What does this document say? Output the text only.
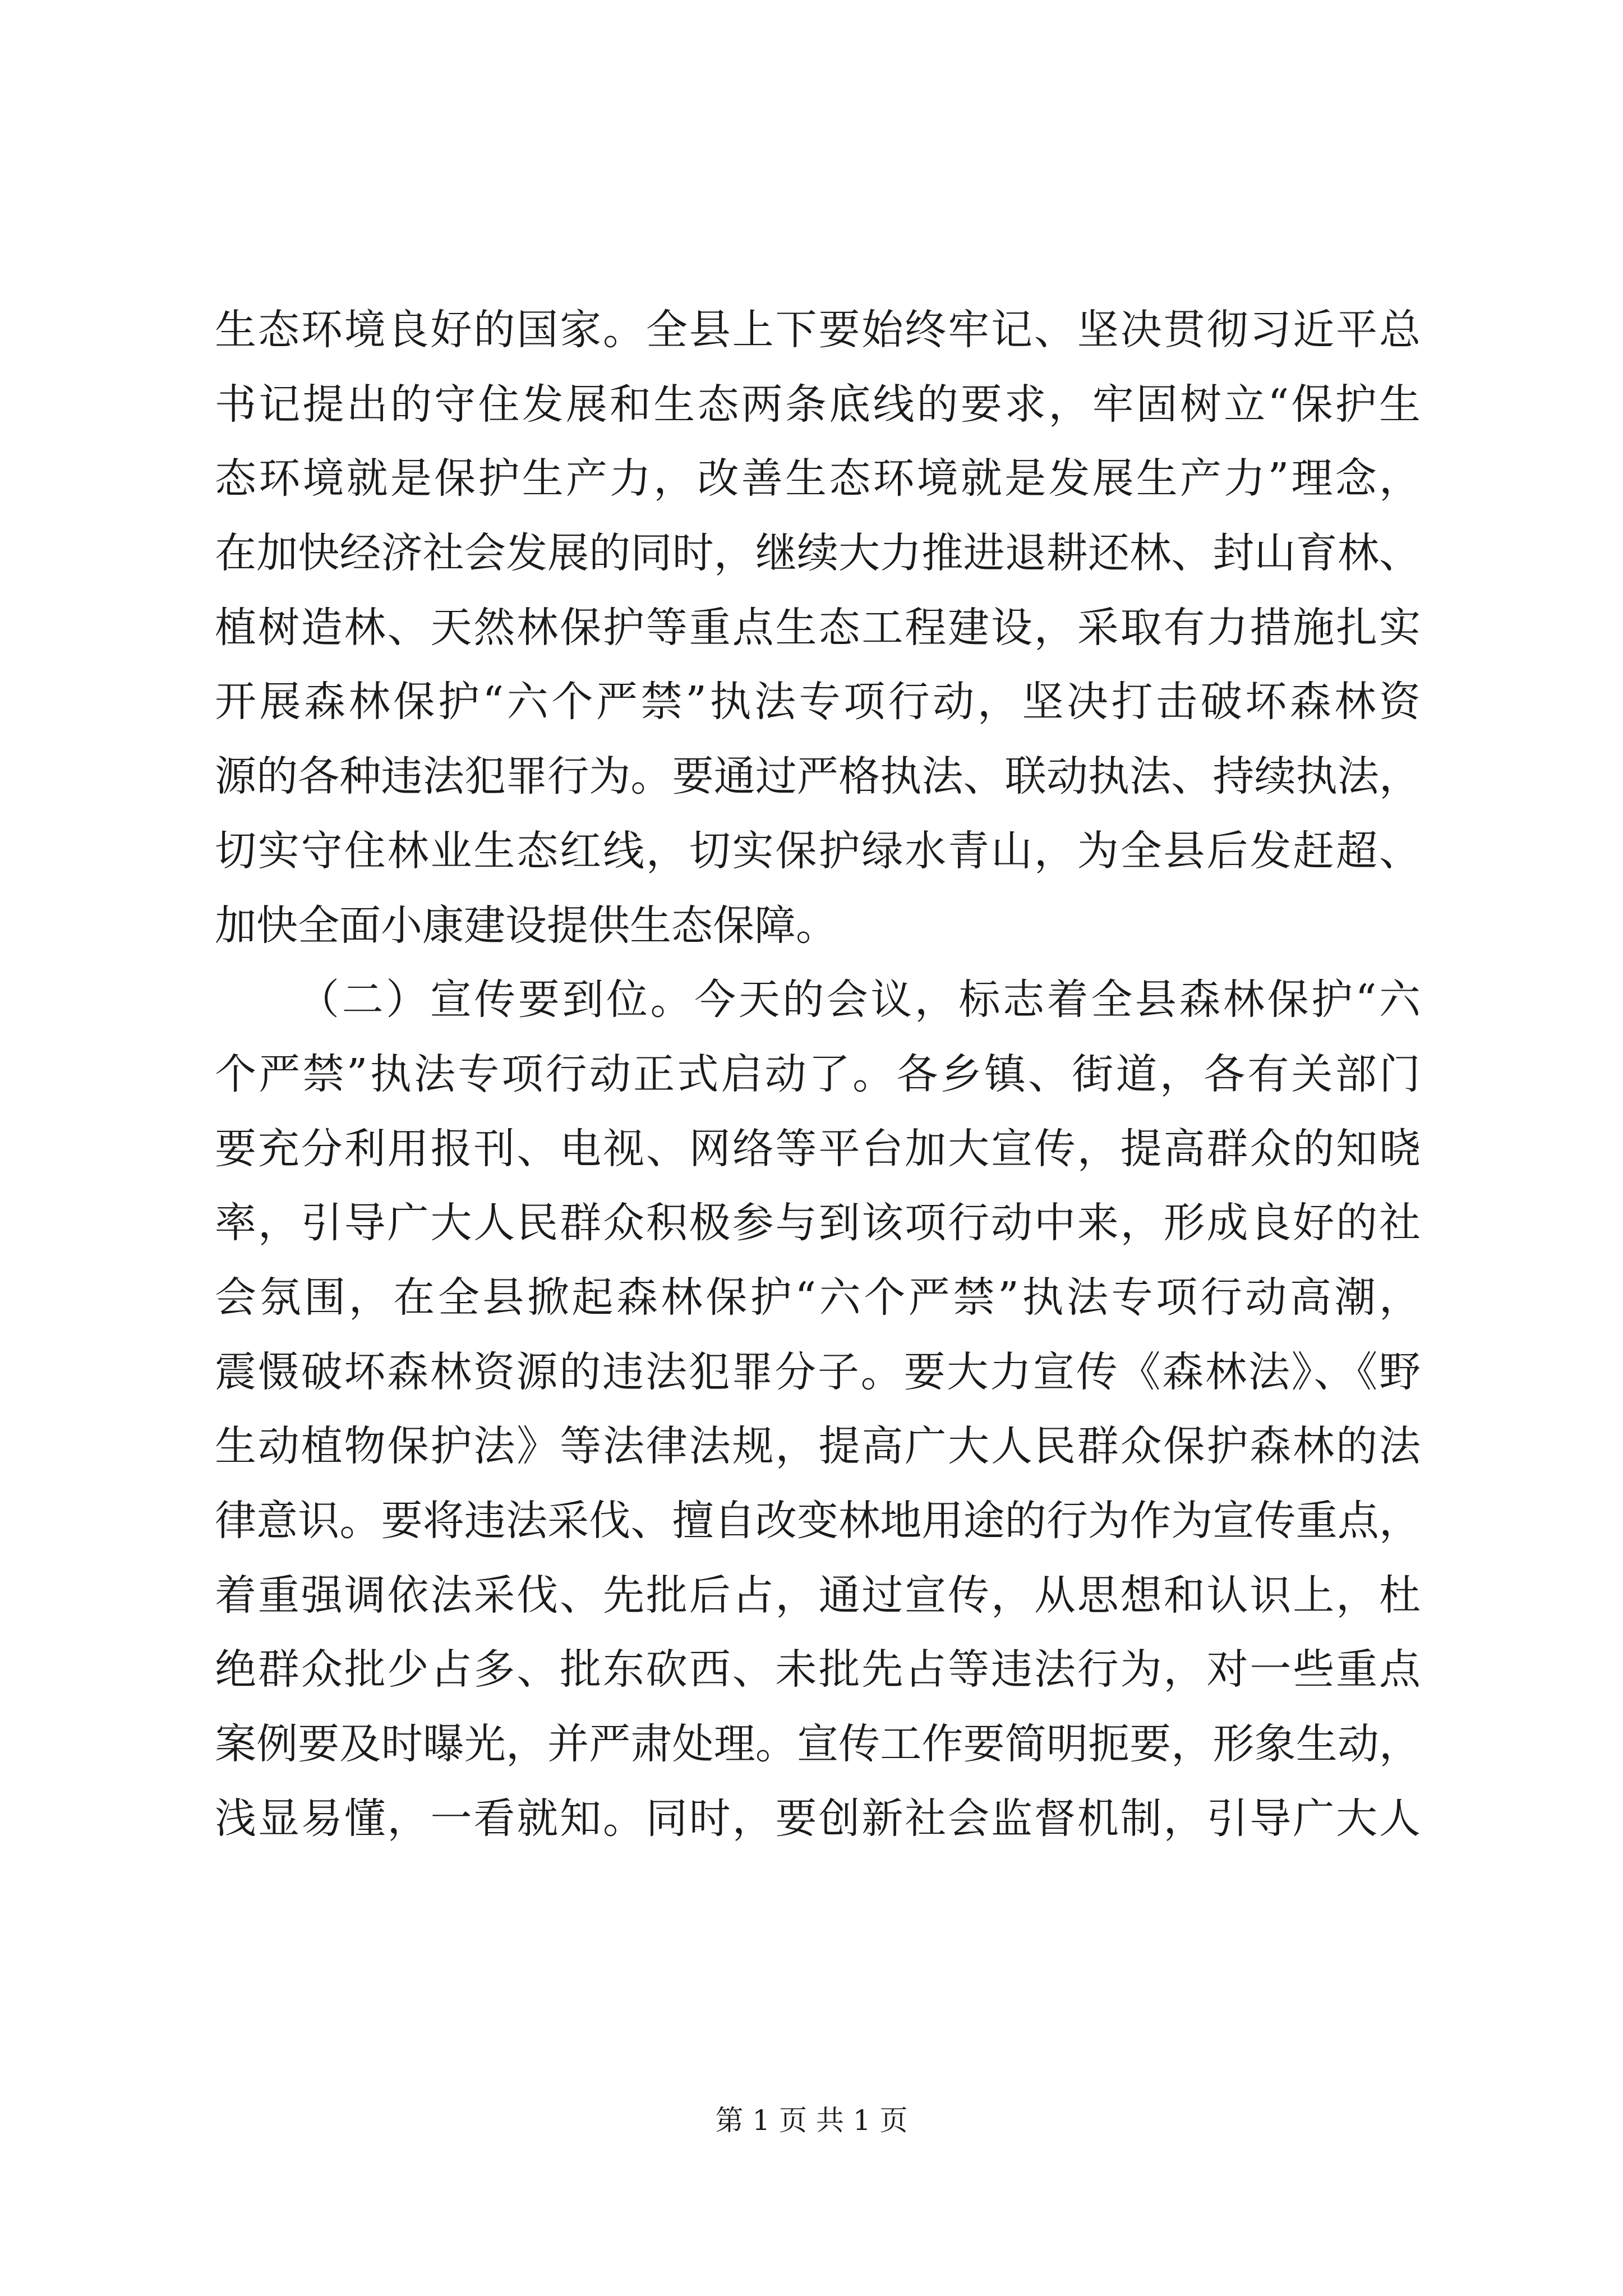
生态环境良好的国家。全县上下要始终牢记、坚决贯彻习近平总
书记提出的守住发展和生态两条底线的要求，牢固树立“保护生
态环境就是保护生产力，改善生态环境就是发展生产力”理念，
在加快经济社会发展的同时，继续大力推进退耕还林、封山育林、
植树造林、天然林保护等重点生态工程建设，采取有力措施扎实
开展森林保护“六个严禁”执法专项行动，坚决打击破坏森林资
源的各种违法犯罪行为。要通过严格执法、联动执法、持续执法，
切实守住林业生态红线，切实保护绿水青山，为全县后发赶超、
加快全面小康建设提供生态保障。
（二）宣传要到位。今天的会议，标志着全县森林保护“六
个严禁”执法专项行动正式启动了。各乡镇、街道，各有关部门
要充分利用报刊、电视、网络等平台加大宣传，提高群众的知晓
率，引导广大人民群众积极参与到该项行动中来，形成良好的社
会氛围，在全县掀起森林保护“六个严禁”执法专项行动高潮，
震慑破坏森林资源的违法犯罪分子。要大力宣传《森林法》、《野
生动植物保护法》等法律法规，提高广大人民群众保护森林的法
律意识。要将违法采伐、擅自改变林地用途的行为作为宣传重点，
着重强调依法采伐、先批后占，通过宣传，从思想和认识上，杜
绝群众批少占多、批东砍西、未批先占等违法行为，对一些重点
案例要及时曝光，并严肃处理。宣传工作要简明扼要，形象生动，
浅显易懂，一看就知。同时，要创新社会监督机制，引导广大人
第 1 页 共 1 页
